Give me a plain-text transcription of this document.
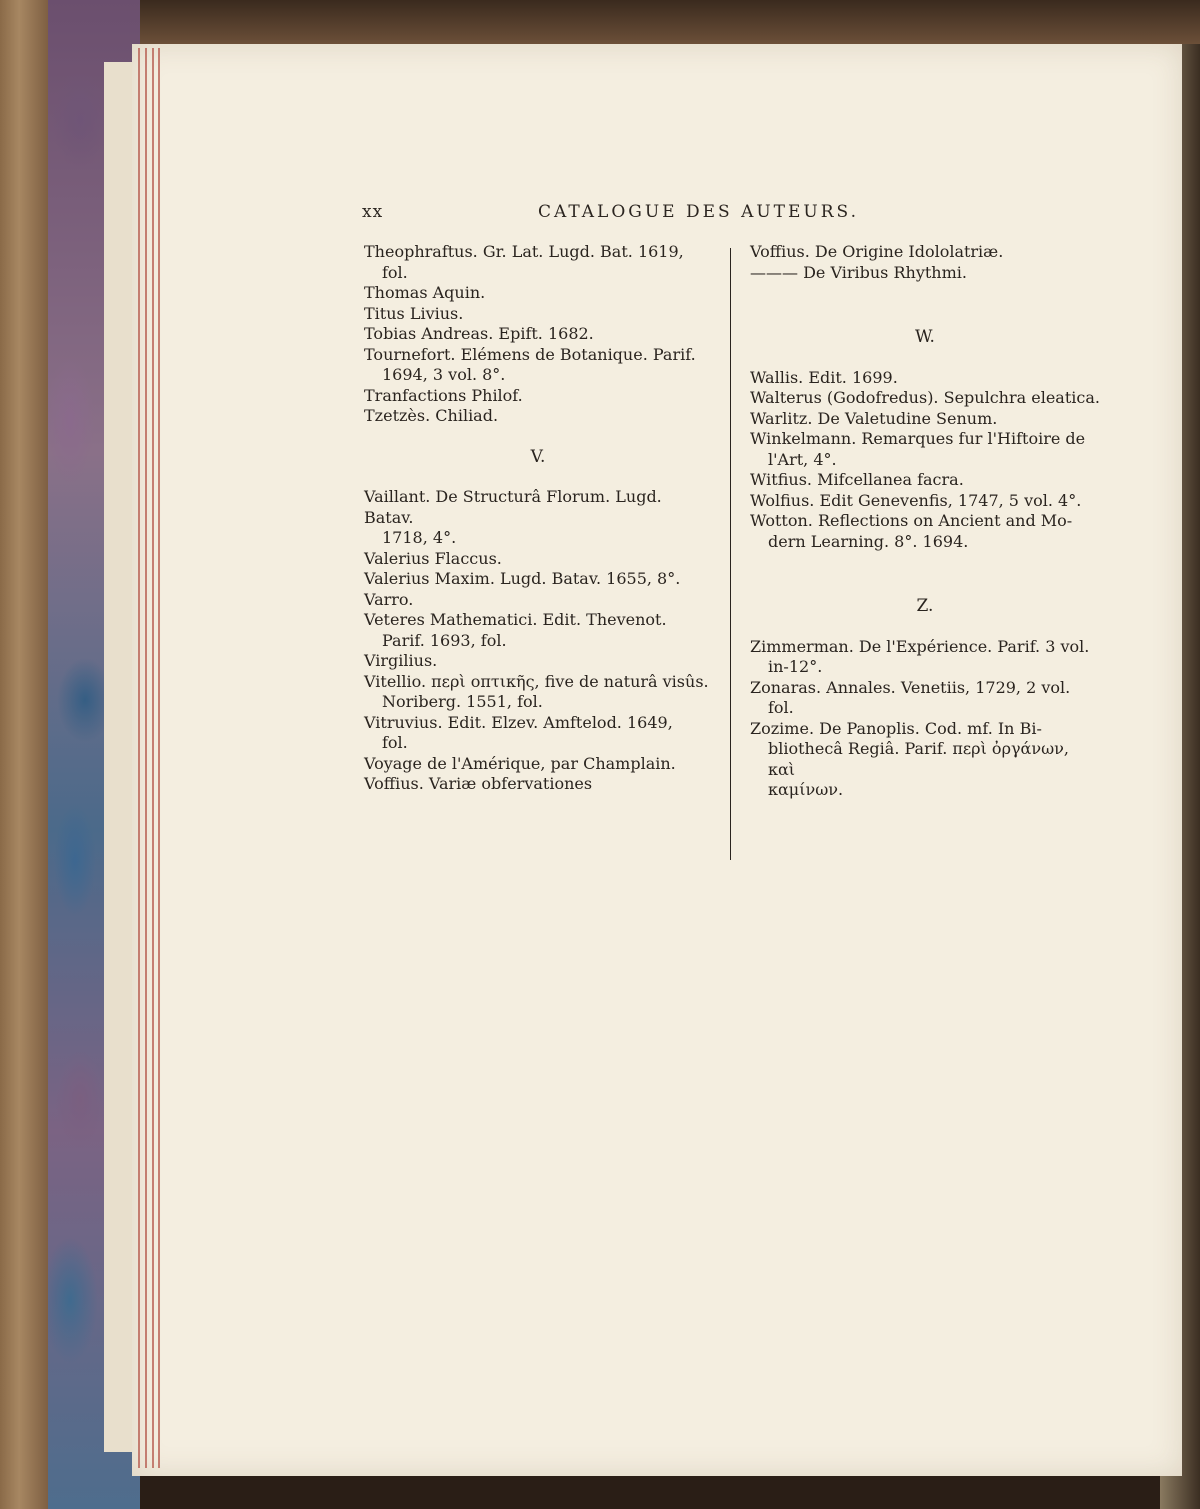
xx	CATALOGUE DES AUTEURS.

Theophraftus. Gr. Lat. Lugd. Bat. 1619,

fol.

Thomas Aquin.

Titus Livius.

Tobias Andreas. Epift. 1682.

Tournefort. Elémens de Botanique. Parif.

1694, 3 vol. 8°.

Tranfactions Philof.

Tzetzès. Chiliad.

V.

Vaillant. De Structurâ Florum. Lugd. Batav.

1718, 4°.

Valerius Flaccus.

Valerius Maxim. Lugd. Batav. 1655, 8°.

Varro.

Veteres Mathematici. Edit. Thevenot.

Parif. 1693, fol.

Virgilius.

Vitellio. περὶ οπτικῆς, five de naturâ visûs.

Noriberg. 1551, fol.

Vitruvius. Edit. Elzev. Amftelod. 1649,

fol.

Voyage de l'Amérique, par Champlain.

Voffius. Variæ obfervationes

Voffius. De Origine Idololatriæ.

——— De Viribus Rhythmi.

W.

Wallis. Edit. 1699.

Walterus (Godofredus). Sepulchra eleatica.

Warlitz. De Valetudine Senum.

Winkelmann. Remarques fur l'Hiftoire de

l'Art, 4°.

Witfius. Mifcellanea facra.

Wolfius. Edit Genevenfis, 1747, 5 vol. 4°.

Wotton. Reflections on Ancient and Mo-

dern Learning. 8°. 1694.

Z.

Zimmerman. De l'Expérience. Parif. 3 vol.

in-12°.

Zonaras. Annales. Venetiis, 1729, 2 vol.

fol.

Zozime. De Panoplis. Cod. mf. In Bi-

bliothecâ Regiâ. Parif. περὶ ὀργάνων, καὶ

καμίνων.
